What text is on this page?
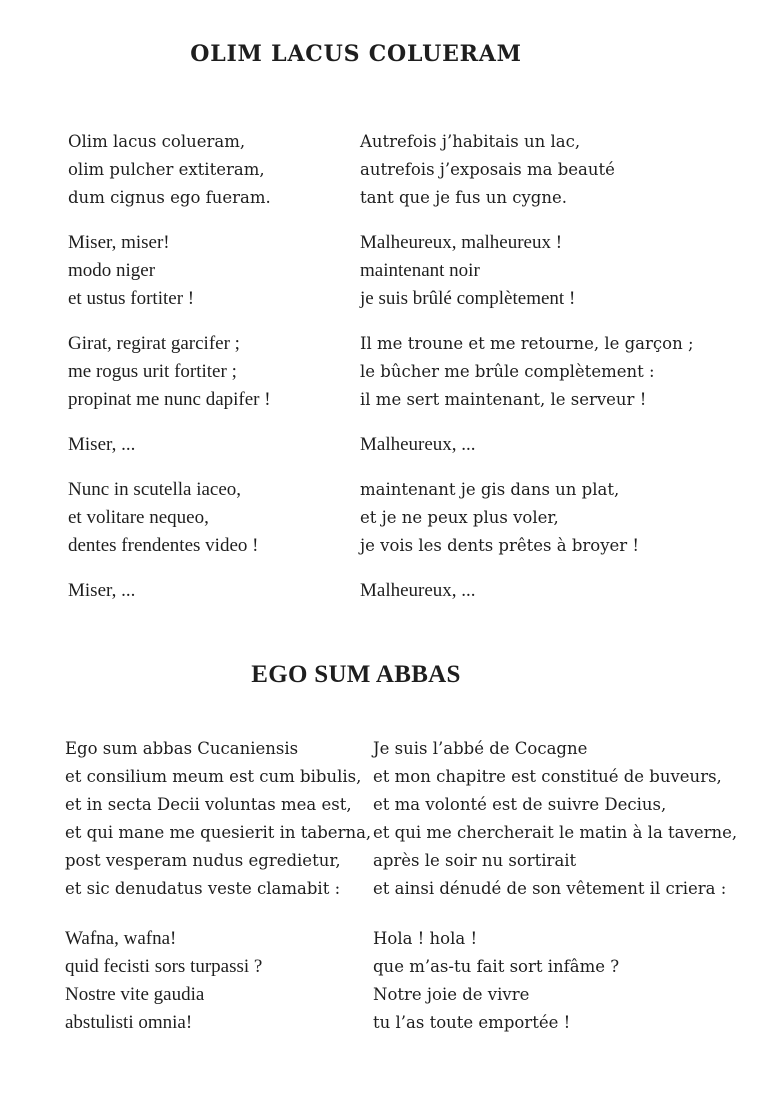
OLIM LACUS COLUERAM
Olim lacus colueram,
olim pulcher extiteram,
dum cignus ego fueram.
Autrefois j’habitais un lac,
autrefois j’exposais ma beauté
tant que je fus un cygne.
Miser, miser!
modo niger
et ustus fortiter !
Malheureux, malheureux !
maintenant noir
je suis brûlé complètement !
Girat, regirat garcifer ;
me rogus urit fortiter ;
propinat me nunc dapifer !
Il me troune et me retourne, le garçon ;
le bûcher me brûle complètement :
il me sert maintenant, le serveur !
Miser, ...	Malheureux, ...
Nunc in scutella iaceo,
et volitare nequeo,
dentes frendentes video !
maintenant je gis dans un plat,
et je ne peux plus voler,
je vois les dents prêtes à broyer !
Miser, ...	Malheureux, ...
EGO SUM ABBAS
Ego sum abbas Cucaniensis
et consilium meum est cum bibulis,
et in secta Decii voluntas mea est,
et qui mane me quesierit in taberna,
post vesperam nudus egredietur,
et sic denudatus veste clamabit :
Je suis l’abbé de Cocagne
et mon chapitre est constitué de buveurs,
et ma volonté est de suivre Decius,
et qui me chercherait le matin à la taverne,
après le soir nu sortirait
et ainsi dénudé de son vêtement il criera :
Wafna, wafna!
quid fecisti sors turpassi ?
Nostre vite gaudia
abstulisti omnia!
Hola ! hola !
que m’as-tu fait sort infâme ?
Notre joie de vivre
tu l’as toute emportée !
